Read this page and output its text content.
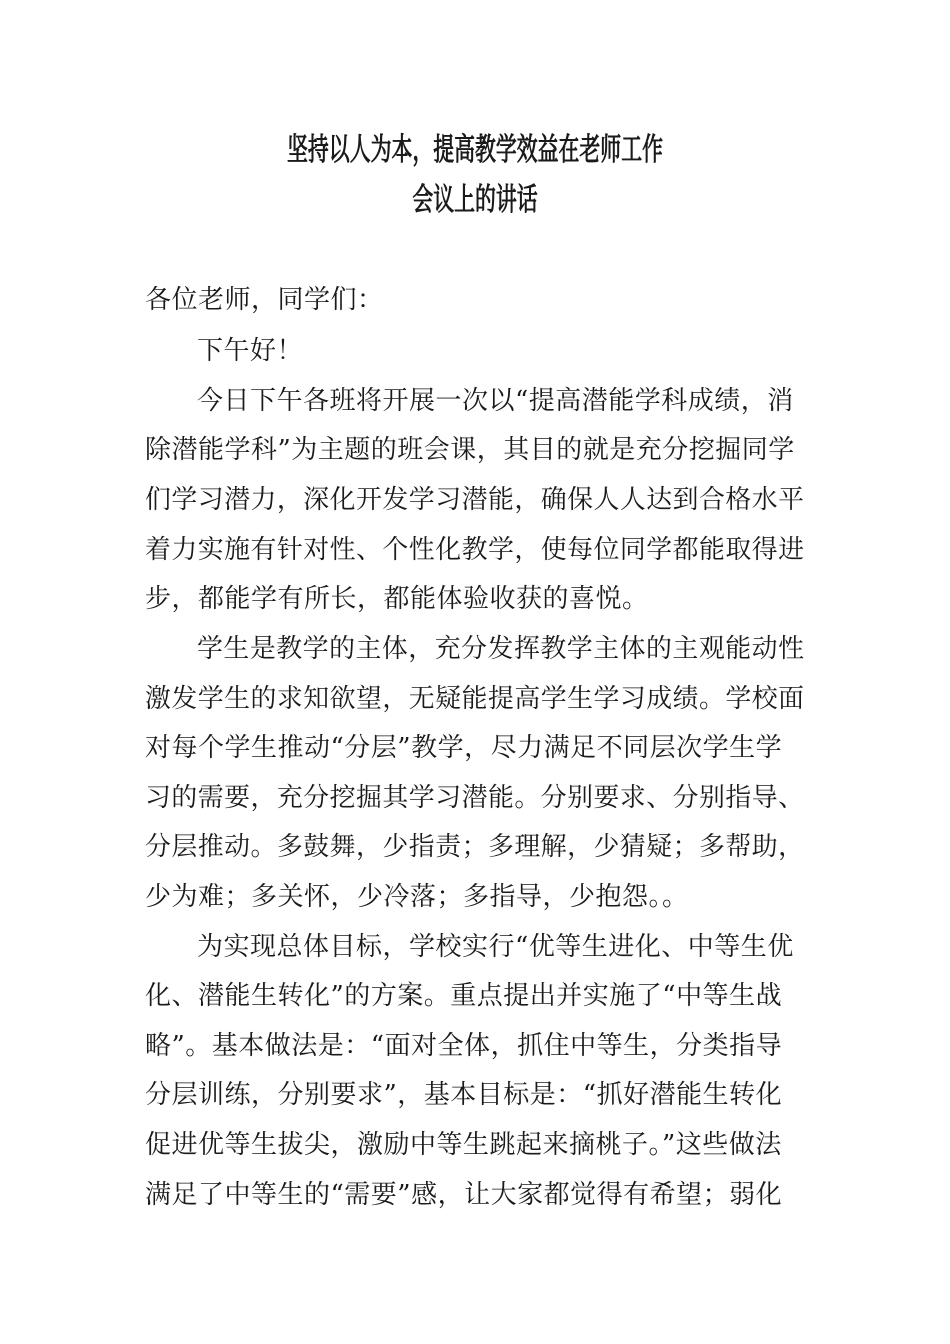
坚持以人为本，提高教学效益在老师工作
会议上的讲话
各位老师，同学们：
下午好！
今日下午各班将开展一次以“提高潜能学科成绩，消
除潜能学科”为主题的班会课，其目的就是充分挖掘同学
们学习潜力，深化开发学习潜能，确保人人达到合格水平
着力实施有针对性、个性化教学，使每位同学都能取得进
步，都能学有所长，都能体验收获的喜悦。
学生是教学的主体，充分发挥教学主体的主观能动性
激发学生的求知欲望，无疑能提高学生学习成绩。学校面
对每个学生推动“分层”教学，尽力满足不同层次学生学
习的需要，充分挖掘其学习潜能。分别要求、分别指导、
分层推动。多鼓舞，少指责；多理解，少猜疑；多帮助，
少为难；多关怀，少冷落；多指导，少抱怨。。
为实现总体目标，学校实行“优等生进化、中等生优
化、潜能生转化”的方案。重点提出并实施了“中等生战
略”。基本做法是：“面对全体，抓住中等生，分类指导
分层训练，分别要求”，基本目标是：“抓好潜能生转化
促进优等生拔尖，激励中等生跳起来摘桃子。”这些做法
满足了中等生的“需要”感，让大家都觉得有希望；弱化
